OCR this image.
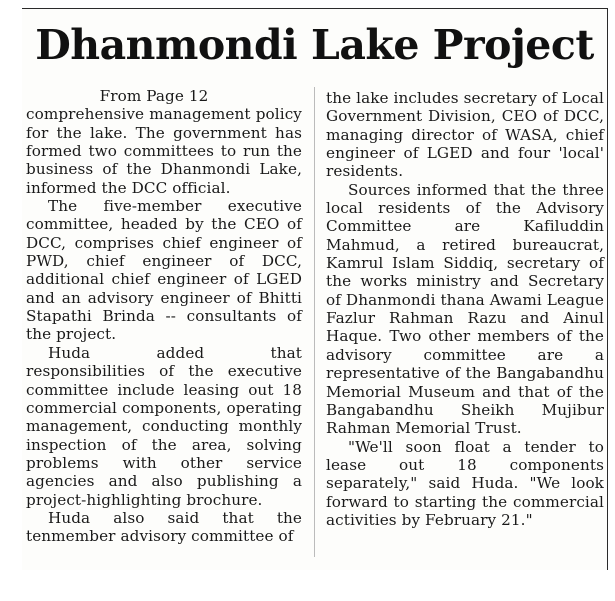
Dhanmondi Lake Project
From Page 12

comprehensive management policy for the lake. The government has formed two committees to run the business of the Dhanmondi Lake, informed the DCC official.

The five-member executive committee, headed by the CEO of DCC, comprises chief engineer of PWD, chief engineer of DCC, additional chief engineer of LGED and an advisory engineer of Bhitti Stapathi Brinda -- consultants of the project.

Huda added that responsibilities of the executive committee include leasing out 18 commercial components, operating management, conducting monthly inspection of the area, solving problems with other service agencies and also publishing a project-highlighting brochure.

Huda also said that the tenmember advisory committee of

the lake includes secretary of Local Government Division, CEO of DCC, managing director of WASA, chief engineer of LGED and four 'local' residents.

Sources informed that the three local residents of the Advisory Committee are Kafiluddin Mahmud, a retired bureaucrat, Kamrul Islam Siddiq, secretary of the works ministry and Secretary of Dhanmondi thana Awami League Fazlur Rahman Razu and Ainul Haque. Two other members of the advisory committee are a representative of the Bangabandhu Memorial Museum and that of the Bangabandhu Sheikh Mujibur Rahman Memorial Trust.

"We'll soon float a tender to lease out 18 components separately," said Huda. "We look forward to starting the commercial activities by February 21."
